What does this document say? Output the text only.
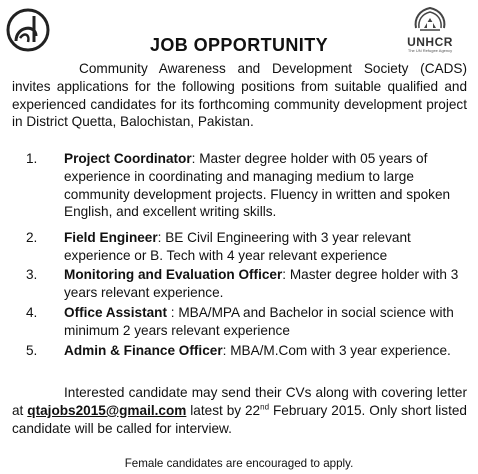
UNHCR
The UN Refugee Agency
JOB OPPORTUNITY
Community Awareness and Development Society (CADS) invites applications for the following positions from suitable qualified and experienced candidates for its forthcoming community development project in District Quetta, Balochistan, Pakistan.
1. Project Coordinator: Master degree holder with 05 years of experience in coordinating and managing medium to large community development projects. Fluency in written and spoken English, and excellent writing skills.
2. Field Engineer: BE Civil Engineering with 3 year relevant experience or B. Tech with 4 year relevant experience
3. Monitoring and Evaluation Officer: Master degree holder with 3 years relevant experience.
4. Office Assistant : MBA/MPA and Bachelor in social science with minimum 2 years relevant experience
5. Admin & Finance Officer: MBA/M.Com with 3 year experience.
Interested candidate may send their CVs along with covering letter at qtajobs2015@gmail.com latest by 22nd February 2015. Only short listed candidate will be called for interview.
Female candidates are encouraged to apply.
